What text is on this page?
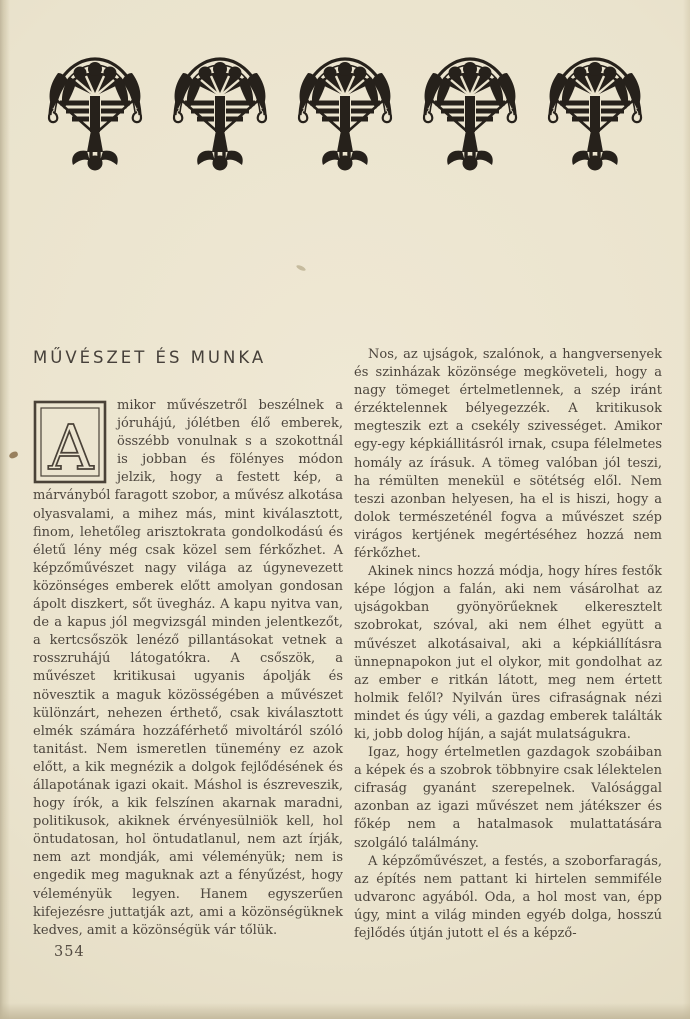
MŰVÉSZET ÉS MUNKA
A
mikor művészetről beszélnek a jóruhájú, jólétben élő emberek, összébb vonulnak s a szokottnál is jobban és fölényes módon jelzik, hogy a festett kép, a márványból faragott szobor, a művész alkotása olyasvalami, a mihez más, mint kiválasztott, finom, lehetőleg arisztokrata gondolkodású és életű lény még csak közel sem férkőzhet. A képzőművészet nagy világa az úgynevezett közönséges emberek előtt amolyan gondosan ápolt diszkert, sőt üvegház. A kapu nyitva van, de a kapus jól megvizsgál minden jelentkezőt, a kertcsőszök lenéző pillantásokat vetnek a rosszruhájú látogatókra. A csőszök, a művészet kritikusai ugyanis ápolják és növesztik a maguk közösségében a művészet különzárt, nehezen érthető, csak kiválasztott elmék számára hozzáférhető mivoltáról szóló tanitást. Nem ismeretlen tünemény ez azok előtt, a kik megnézik a dolgok fejlődésének és állapotának igazi okait. Máshol is észreveszik, hogy írók, a kik felszínen akarnak maradni, politikusok, akiknek érvényesülniök kell, hol öntudatosan, hol öntudatlanul, nem azt írják, nem azt mondják, ami véleményük; nem is engedik meg maguknak azt a fényűzést, hogy véleményük legyen. Hanem egyszerűen kifejezésre juttatják azt, ami a közönségüknek kedves, amit a közönségük vár tőlük.

Nos, az ujságok, szalónok, a hangversenyek és szinházak közönsége megköveteli, hogy a nagy tömeget értelmetlennek, a szép iránt érzéktelennek bélyegezzék. A kritikusok megteszik ezt a csekély szivességet. Amikor egy-egy képkiállitásról irnak, csupa félelmetes homály az írásuk. A tömeg valóban jól teszi, ha rémülten menekül e sötétség elől. Nem teszi azonban helyesen, ha el is hiszi, hogy a dolok természeténél fogva a művészet szép virágos kertjének megértéséhez hozzá nem férkőzhet.

Akinek nincs hozzá módja, hogy híres festők képe lógjon a falán, aki nem vásárolhat az ujságokban gyönyörűeknek elkeresztelt szobrokat, szóval, aki nem élhet együtt a művészet alkotásaival, aki a képkiállításra ünnepnapokon jut el olykor, mit gondolhat az az ember e ritkán látott, meg nem értett holmik felől? Nyilván üres cifraságnak nézi mindet és úgy véli, a gazdag emberek találták ki, jobb dolog híján, a saját mulatságukra.

Igaz, hogy értelmetlen gazdagok szobáiban a képek és a szobrok többnyire csak lélektelen cifraság gyanánt szerepelnek. Valósággal azonban az igazi művészet nem játékszer és főkép nem a hatalmasok mulattatására szolgáló találmány.

A képzőművészet, a festés, a szoborfaragás, az építés nem pattant ki hirtelen semmiféle udvaronc agyából. Oda, a hol most van, épp úgy, mint a világ minden egyéb dolga, hosszú fejlődés útján jutott el és a képző-

354
